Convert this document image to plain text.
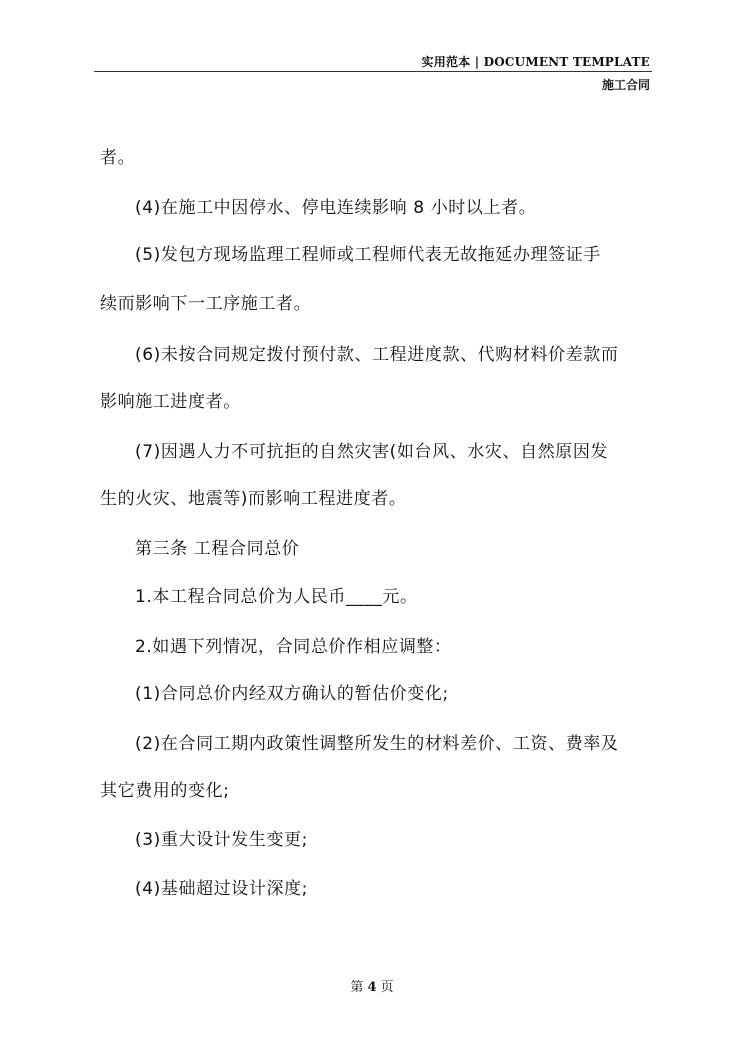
实用范本 | DOCUMENT TEMPLATE
施工合同
者。
(4)在施工中因停水、停电连续影响 8 小时以上者。
(5)发包方现场监理工程师或工程师代表无故拖延办理签证手
续而影响下一工序施工者。
(6)未按合同规定拨付预付款、工程进度款、代购材料价差款而
影响施工进度者。
(7)因遇人力不可抗拒的自然灾害(如台风、水灾、自然原因发
生的火灾、地震等)而影响工程进度者。
第三条 工程合同总价
1.本工程合同总价为人民币____元。
2.如遇下列情况，合同总价作相应调整：
(1)合同总价内经双方确认的暂估价变化;
(2)在合同工期内政策性调整所发生的材料差价、工资、费率及
其它费用的变化;
(3)重大设计发生变更;
(4)基础超过设计深度;
第 4 页
